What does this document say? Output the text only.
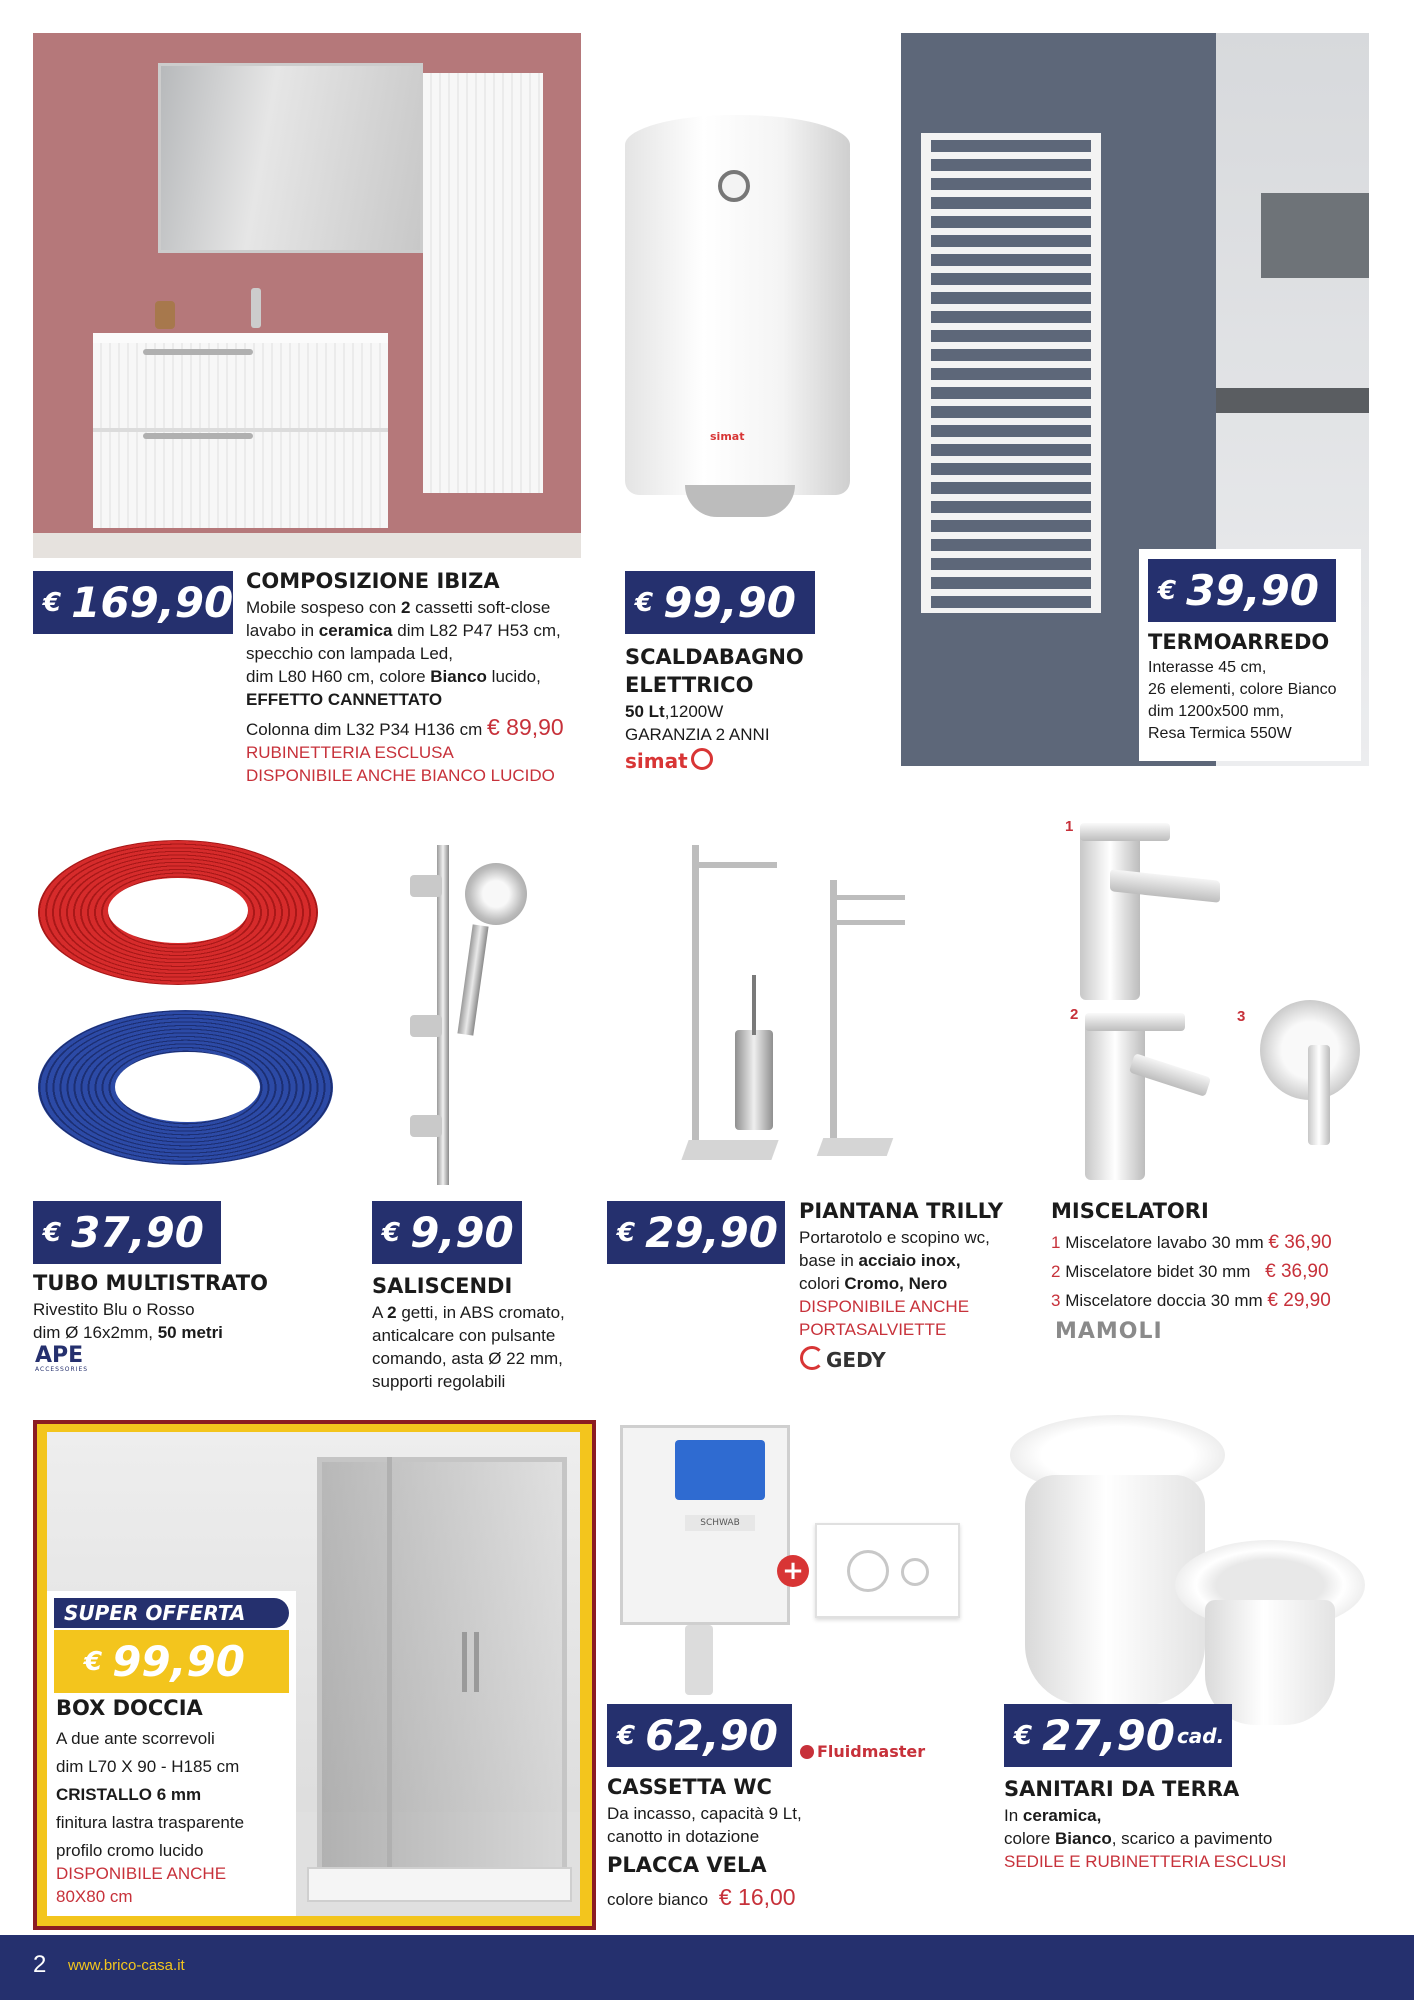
€ 169,90 COMPOSIZIONE IBIZA
Mobile sospeso con 2 cassetti soft-close
lavabo in ceramica dim L82 P47 H53 cm,
specchio con lampada Led,
dim L80 H60 cm, colore Bianco lucido,
EFFETTO CANNETTATO
Colonna dim L32 P34 H136 cm € 89,90
RUBINETTERIA ESCLUSA
DISPONIBILE ANCHE BIANCO LUCIDO
simat
€ 99,90
SCALDABAGNO
ELETTRICO
50 Lt,1200W
GARANZIA 2 ANNI
simat
€ 39,90
TERMOARREDO
Interasse 45 cm,
26 elementi, colore Bianco
dim 1200x500 mm,
Resa Termica 550W
€ 37,90
TUBO MULTISTRATO
Rivestito Blu o Rosso
dim Ø 16x2mm, 50 metri
APE
ACCESSORIES
€ 9,90
SALISCENDI
A 2 getti, in ABS cromato,
anticalcare con pulsante
comando, asta Ø 22 mm,
supporti regolabili
€ 29,90 PIANTANA TRILLY
Portarotolo e scopino wc,
base in acciaio inox,
colori Cromo, Nero
DISPONIBILE ANCHE
PORTASALVIETTE
GEDY
1
2	3
MISCELATORI
1 Miscelatore lavabo 30 mm € 36,90
2 Miscelatore bidet 30 mm € 36,90
3 Miscelatore doccia 30 mm € 29,90
MAMOLI
SUPER OFFERTA
€ 99,90
BOX DOCCIA
A due ante scorrevoli
dim L70 X 90 - H185 cm
CRISTALLO 6 mm
finitura lastra trasparente
profilo cromo lucido
DISPONIBILE ANCHE
80X80 cm
SCHWAB
+
€ 62,90	Fluidmaster
CASSETTA WC
Da incasso, capacità 9 Lt,
canotto in dotazione
PLACCA VELA
colore bianco € 16,00
€ 27,90 cad.
SANITARI DA TERRA
In ceramica,
colore Bianco, scarico a pavimento
SEDILE E RUBINETTERIA ESCLUSI
2 www.brico-casa.it
